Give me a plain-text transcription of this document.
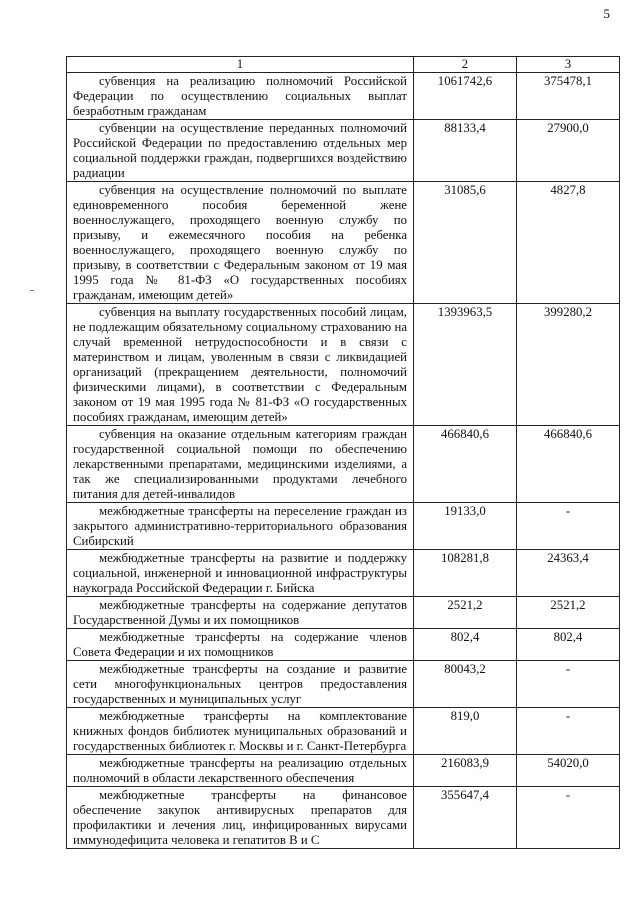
5
1	2	3
субвенция на реализацию полномочий Российской Федерации по осуществлению социальных выплат безработным гражданам	1061742,6	375478,1
субвенции на осуществление переданных полномочий Российской Федерации по предоставлению отдельных мер социальной поддержки граждан, подвергшихся воздействию радиации	88133,4	27900,0
субвенция на осуществление полномочий по выплате единовременного пособия беременной жене военнослужащего, проходящего военную службу по призыву, и ежемесячного пособия на ребенка военнослужащего, проходящего военную службу по призыву, в соответствии с Федеральным законом от 19 мая 1995 года № 81-ФЗ «О государственных пособиях гражданам, имеющим детей»	31085,6	4827,8
субвенция на выплату государственных пособий лицам, не подлежащим обязательному социальному страхованию на случай временной нетрудоспособности и в связи с материнством и лицам, уволенным в связи с ликвидацией организаций (прекращением деятельности, полномочий физическими лицами), в соответствии с Федеральным законом от 19 мая 1995 года № 81-ФЗ «О государственных пособиях гражданам, имеющим детей»	1393963,5	399280,2
субвенция на оказание отдельным категориям граждан государственной социальной помощи по обеспечению лекарственными препаратами, медицинскими изделиями, а так же специализированными продуктами лечебного питания для детей-инвалидов	466840,6	466840,6
межбюджетные трансферты на переселение граждан из закрытого административно-территориального образования Сибирский	19133,0	-
межбюджетные трансферты на развитие и поддержку социальной, инженерной и инновационной инфраструктуры наукограда Российской Федерации г. Бийска	108281,8	24363,4
межбюджетные трансферты на содержание депутатов Государственной Думы и их помощников	2521,2	2521,2
межбюджетные трансферты на содержание членов Совета Федерации и их помощников	802,4	802,4
межбюджетные трансферты на создание и развитие сети многофункциональных центров предоставления государственных и муниципальных услуг	80043,2	-
межбюджетные трансферты на комплектование книжных фондов библиотек муниципальных образований и государственных библиотек г. Москвы и г. Санкт-Петербурга	819,0	-
межбюджетные трансферты на реализацию отдельных полномочий в области лекарственного обеспечения	216083,9	54020,0
межбюджетные трансферты на финансовое обеспечение закупок антивирусных препаратов для профилактики и лечения лиц, инфицированных вирусами иммунодефицита человека и гепатитов В и С	355647,4	-
